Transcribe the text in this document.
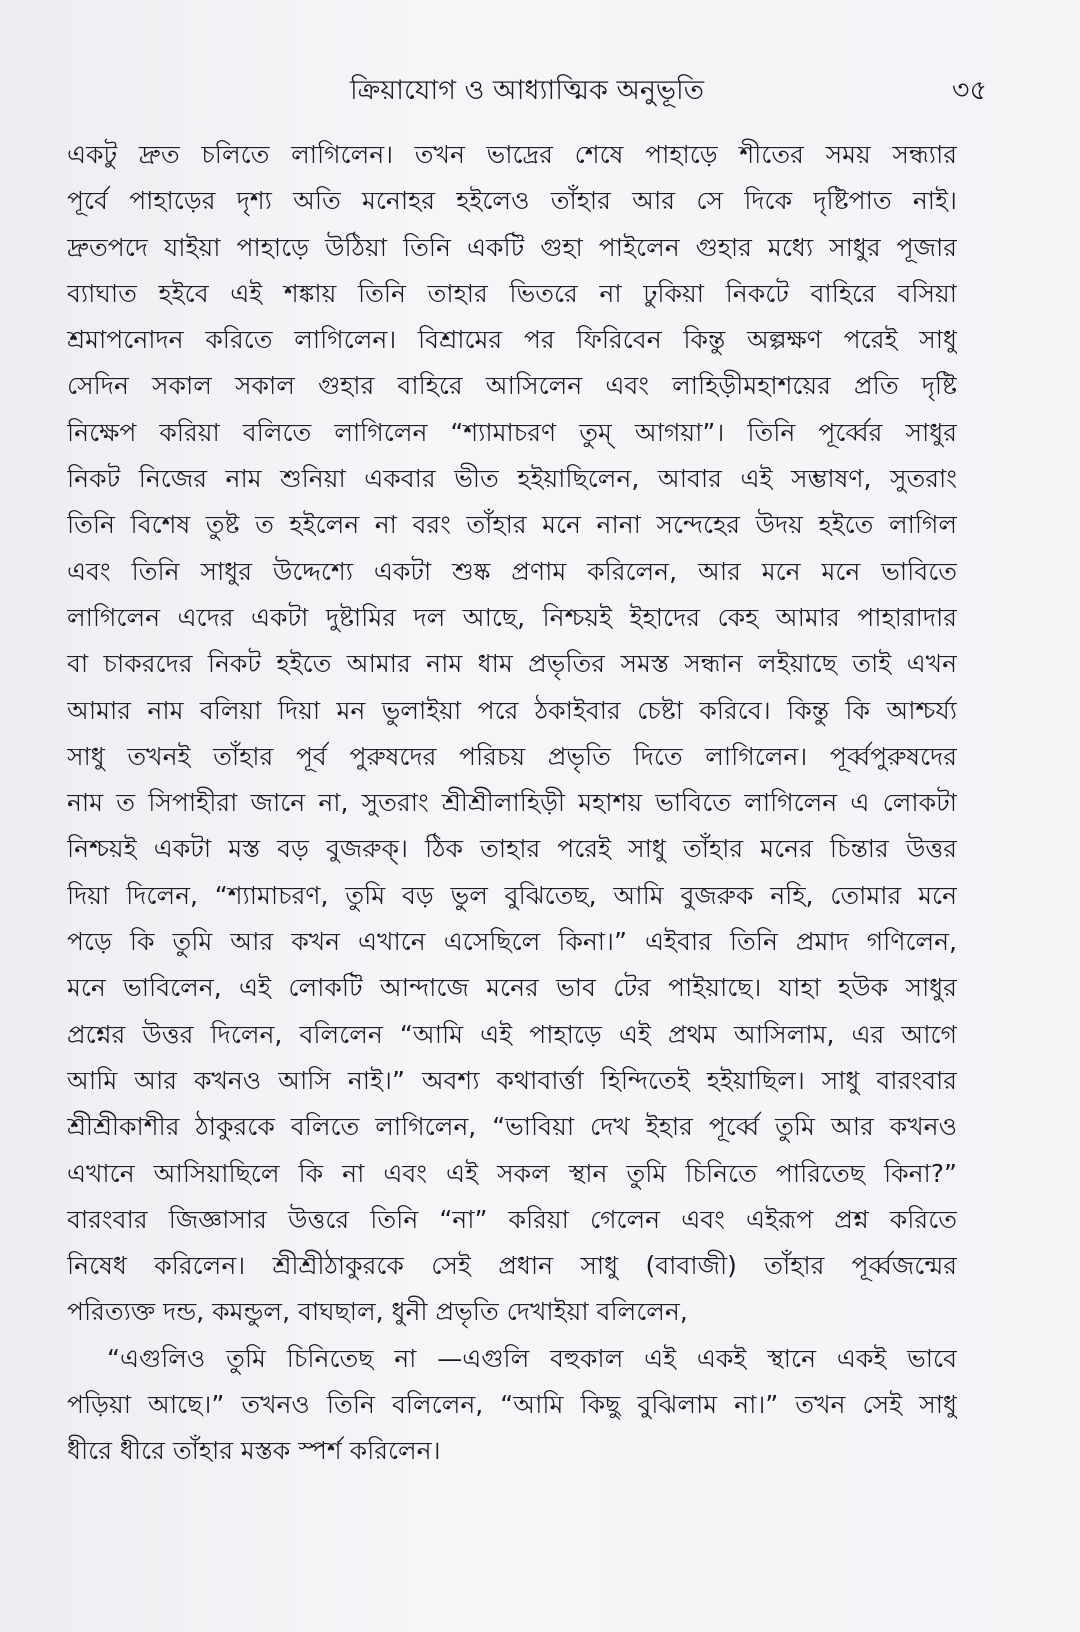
ক্রিয়াযোগ ও আধ্যাত্মিক অনুভূতি	৩৫
একটু দ্রুত চলিতে লাগিলেন। তখন ভাদ্রের শেষে পাহাড়ে শীতের সময় সন্ধ্যার
পূর্বে পাহাড়ের দৃশ্য অতি মনোহর হইলেও তাঁহার আর সে দিকে দৃষ্টিপাত নাই।
দ্রুতপদে যাইয়া পাহাড়ে উঠিয়া তিনি একটি গুহা পাইলেন গুহার মধ্যে সাধুর পূজার
ব্যাঘাত হইবে এই শঙ্কায় তিনি তাহার ভিতরে না ঢুকিয়া নিকটে বাহিরে বসিয়া
শ্রমাপনোদন করিতে লাগিলেন। বিশ্রামের পর ফিরিবেন কিন্তু অল্পক্ষণ পরেই সাধু
সেদিন সকাল সকাল গুহার বাহিরে আসিলেন এবং লাহিড়ীমহাশয়ের প্রতি দৃষ্টি
নিক্ষেপ করিয়া বলিতে লাগিলেন “শ্যামাচরণ তুম্ আগয়া”। তিনি পূর্ব্বের সাধুর
নিকট নিজের নাম শুনিয়া একবার ভীত হইয়াছিলেন, আবার এই সম্ভাষণ, সুতরাং
তিনি বিশেষ তুষ্ট ত হইলেন না বরং তাঁহার মনে নানা সন্দেহের উদয় হইতে লাগিল
এবং তিনি সাধুর উদ্দেশ্যে একটা শুষ্ক প্রণাম করিলেন, আর মনে মনে ভাবিতে
লাগিলেন এদের একটা দুষ্টামির দল আছে, নিশ্চয়ই ইহাদের কেহ আমার পাহারাদার
বা চাকরদের নিকট হইতে আমার নাম ধাম প্রভৃতির সমস্ত সন্ধান লইয়াছে তাই এখন
আমার নাম বলিয়া দিয়া মন ভুলাইয়া পরে ঠকাইবার চেষ্টা করিবে। কিন্তু কি আশ্চর্য্য
সাধু তখনই তাঁহার পূর্ব পুরুষদের পরিচয় প্রভৃতি দিতে লাগিলেন। পূর্ব্বপুরুষদের
নাম ত সিপাহীরা জানে না, সুতরাং শ্রীশ্রীলাহিড়ী মহাশয় ভাবিতে লাগিলেন এ লোকটা
নিশ্চয়ই একটা মস্ত বড় বুজরুক্। ঠিক তাহার পরেই সাধু তাঁহার মনের চিন্তার উত্তর
দিয়া দিলেন, “শ্যামাচরণ, তুমি বড় ভুল বুঝিতেছ, আমি বুজরুক নহি, তোমার মনে
পড়ে কি তুমি আর কখন এখানে এসেছিলে কিনা।” এইবার তিনি প্রমাদ গণিলেন,
মনে ভাবিলেন, এই লোকটি আন্দাজে মনের ভাব টের পাইয়াছে। যাহা হউক সাধুর
প্রশ্নের উত্তর দিলেন, বলিলেন “আমি এই পাহাড়ে এই প্রথম আসিলাম, এর আগে
আমি আর কখনও আসি নাই।” অবশ্য কথাবার্ত্তা হিন্দিতেই হইয়াছিল। সাধু বারংবার
শ্রীশ্রীকাশীর ঠাকুরকে বলিতে লাগিলেন, “ভাবিয়া দেখ ইহার পূর্ব্বে তুমি আর কখনও
এখানে আসিয়াছিলে কি না এবং এই সকল স্থান তুমি চিনিতে পারিতেছ কিনা?”
বারংবার জিজ্ঞাসার উত্তরে তিনি “না” করিয়া গেলেন এবং এইরূপ প্রশ্ন করিতে
নিষেধ করিলেন। শ্রীশ্রীঠাকুরকে সেই প্রধান সাধু (বাবাজী) তাঁহার পূর্ব্বজন্মের
পরিত্যক্ত দন্ড, কমন্ডুল, বাঘছাল, ধুনী প্রভৃতি দেখাইয়া বলিলেন,
“এগুলিও তুমি চিনিতেছ না —এগুলি বহুকাল এই একই স্থানে একই ভাবে
পড়িয়া আছে।” তখনও তিনি বলিলেন, “আমি কিছু বুঝিলাম না।” তখন সেই সাধু
ধীরে ধীরে তাঁহার মস্তক স্পর্শ করিলেন।
